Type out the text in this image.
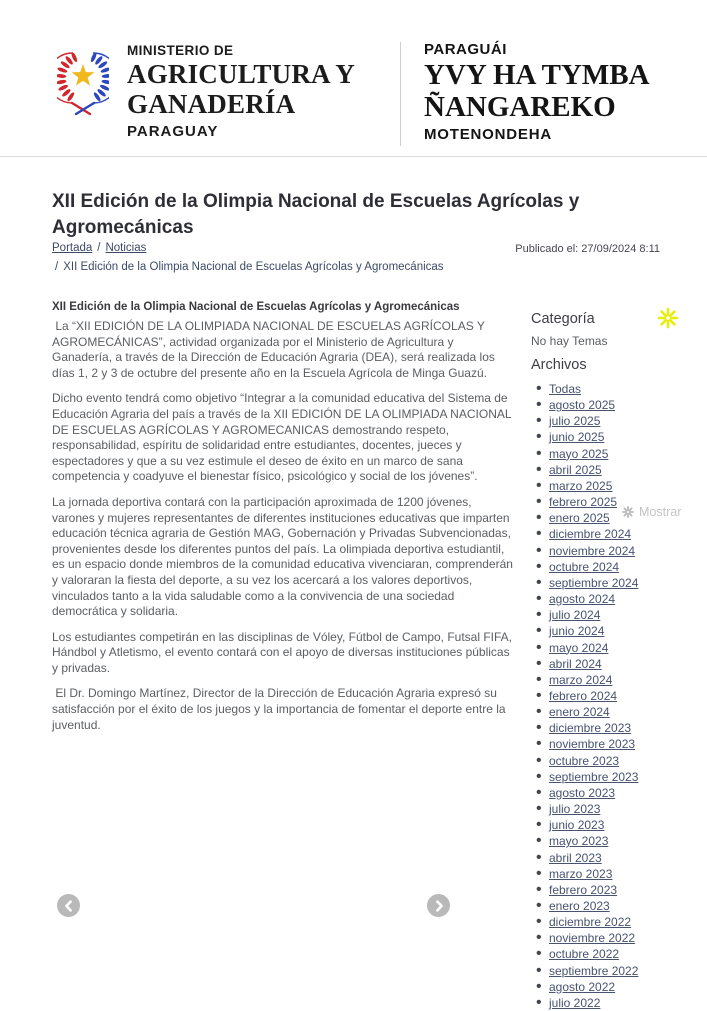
MINISTERIO DE
AGRICULTURA Y
GANADERÍA
PARAGUAY
PARAGUÁI
YVY HA TYMBA
ÑANGAREKO
MOTENONDEHA
XII Edición de la Olimpia Nacional de Escuelas Agrícolas y Agromecánicas
Portada / Noticias
/ XII Edición de la Olimpia Nacional de Escuelas Agrícolas y Agromecánicas
Publicado el: 27/09/2024 8:11
XII Edición de la Olimpia Nacional de Escuelas Agrícolas y Agromecánicas

La “XII EDICIÓN DE LA OLIMPIADA NACIONAL DE ESCUELAS AGRÍCOLAS Y AGROMECÁNICAS”, actividad organizada por el Ministerio de Agricultura y Ganadería, a través de la Dirección de Educación Agraria (DEA), será realizada los días 1, 2 y 3 de octubre del presente año en la Escuela Agrícola de Minga Guazú.

Dicho evento tendrá como objetivo “Integrar a la comunidad educativa del Sistema de Educación Agraria del país a través de la XII EDICIÓN DE LA OLIMPIADA NACIONAL DE ESCUELAS AGRÍCOLAS Y AGROMECANICAS demostrando respeto, responsabilidad, espíritu de solidaridad entre estudiantes, docentes, jueces y espectadores y que a su vez estimule el deseo de éxito en un marco de sana competencia y coadyuve el bienestar físico, psicológico y social de los jóvenes”.

La jornada deportiva contará con la participación aproximada de 1200 jóvenes, varones y mujeres representantes de diferentes instituciones educativas que imparten educación técnica agraria de Gestión MAG, Gobernación y Privadas Subvencionadas, provenientes desde los diferentes puntos del país. La olimpiada deportiva estudiantil, es un espacio donde miembros de la comunidad educativa vivenciaran, comprenderán y valoraran la fiesta del deporte, a su vez los acercará a los valores deportivos, vinculados tanto a la vida saludable como a la convivencia de una sociedad democrática y solidaria.

Los estudiantes competirán en las disciplinas de Vóley, Fútbol de Campo, Futsal FIFA, Hándbol y Atletismo, el evento contará con el apoyo de diversas instituciones públicas y privadas.

El Dr. Domingo Martínez, Director de la Dirección de Educación Agraria expresó su satisfacción por el éxito de los juegos y la importancia de fomentar el deporte entre la juventud.

Categoría
No hay Temas
Archivos
• Todas
• agosto 2025
• julio 2025
• junio 2025
• mayo 2025
• abril 2025
• marzo 2025
• febrero 2025
• enero 2025
• diciembre 2024
• noviembre 2024
• octubre 2024
• septiembre 2024
• agosto 2024
• julio 2024
• junio 2024
• mayo 2024
• abril 2024
• marzo 2024
• febrero 2024
• enero 2024
• diciembre 2023
• noviembre 2023
• octubre 2023
• septiembre 2023
• agosto 2023
• julio 2023
• junio 2023
• mayo 2023
• abril 2023
• marzo 2023
• febrero 2023
• enero 2023
• diciembre 2022
• noviembre 2022
• octubre 2022
• septiembre 2022
• agosto 2022
• julio 2022
Mostrar
